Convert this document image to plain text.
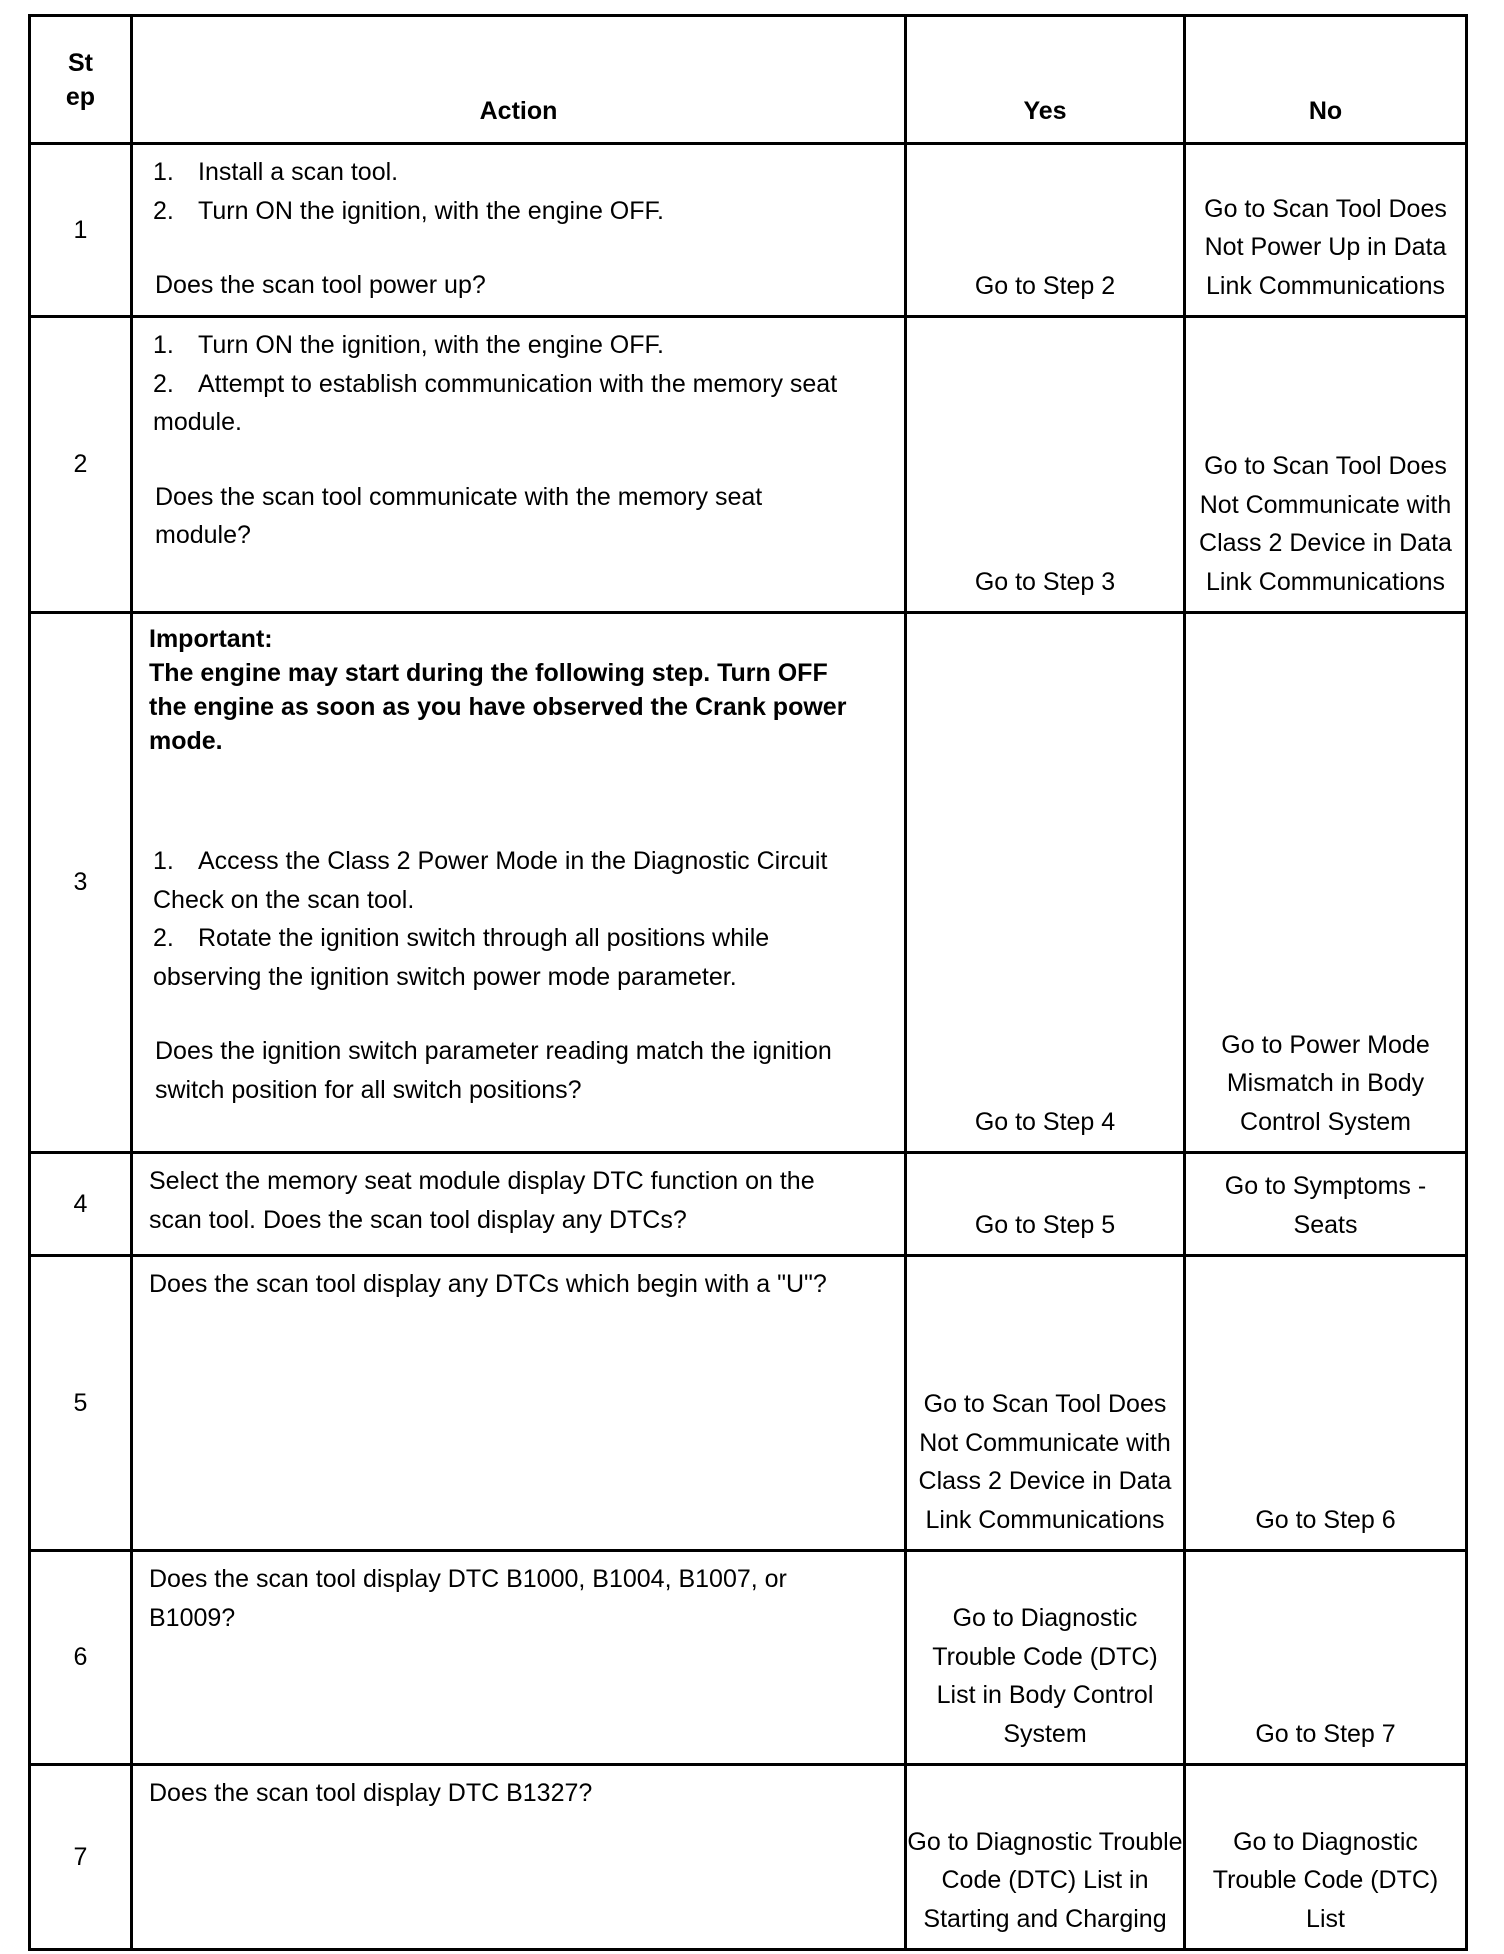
St ep	Action	Yes	No
1	1. Install a scan tool.
2. Turn ON the ignition, with the engine OFF.
Does the scan tool power up?	Go to Step 2	Go to Scan Tool Does Not Power Up in Data Link Communications
2	1. Turn ON the ignition, with the engine OFF.
2. Attempt to establish communication with the memory seat module.
Does the scan tool communicate with the memory seat module?	Go to Step 3	Go to Scan Tool Does Not Communicate with Class 2 Device in Data Link Communications
3	Important:
The engine may start during the following step. Turn OFF the engine as soon as you have observed the Crank power mode.
1. Access the Class 2 Power Mode in the Diagnostic Circuit Check on the scan tool.
2. Rotate the ignition switch through all positions while observing the ignition switch power mode parameter.
Does the ignition switch parameter reading match the ignition switch position for all switch positions?	Go to Step 4	Go to Power Mode Mismatch in Body Control System
4	Select the memory seat module display DTC function on the scan tool. Does the scan tool display any DTCs?	Go to Step 5	Go to Symptoms - Seats
5	Does the scan tool display any DTCs which begin with a "U"?	Go to Scan Tool Does Not Communicate with Class 2 Device in Data Link Communications	Go to Step 6
6	Does the scan tool display DTC B1000, B1004, B1007, or B1009?	Go to Diagnostic Trouble Code (DTC) List in Body Control System	Go to Step 7
7	Does the scan tool display DTC B1327?	Go to Diagnostic Trouble Code (DTC) List in Starting and Charging	Go to Diagnostic Trouble Code (DTC) List
